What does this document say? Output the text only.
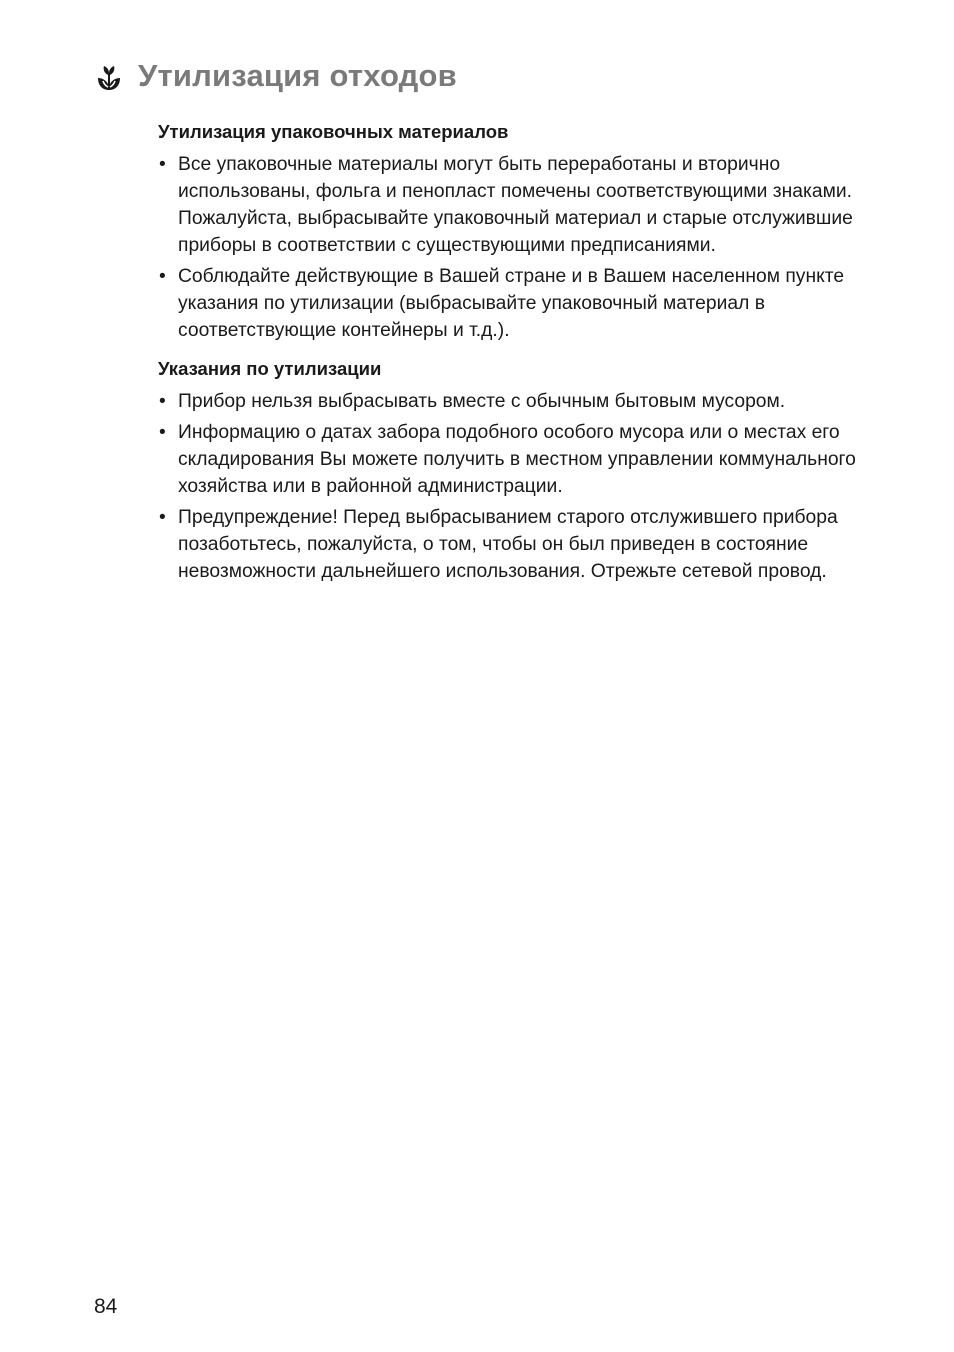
Утилизация отходов
Утилизация упаковочных материалов
• Все упаковочные материалы могут быть переработаны и вторично использованы, фольга и пенопласт помечены соответствующими знаками. Пожалуйста, выбрасывайте упаковочный материал и старые отслужившие приборы в соответствии с существующими предписаниями.
• Соблюдайте действующие в Вашей стране и в Вашем населенном пункте указания по утилизации (выбрасывайте упаковочный материал в соответствующие контейнеры и т.д.).
Указания по утилизации
• Прибор нельзя выбрасывать вместе с обычным бытовым мусором.
• Информацию о датах забора подобного особого мусора или о местах его складирования Вы можете получить в местном управлении коммунального хозяйства или в районной администрации.
• Предупреждение! Перед выбрасыванием старого отслужившего прибора позаботьтесь, пожалуйста, о том, чтобы он был приведен в состояние невозможности дальнейшего использования. Отрежьте сетевой провод.
84
